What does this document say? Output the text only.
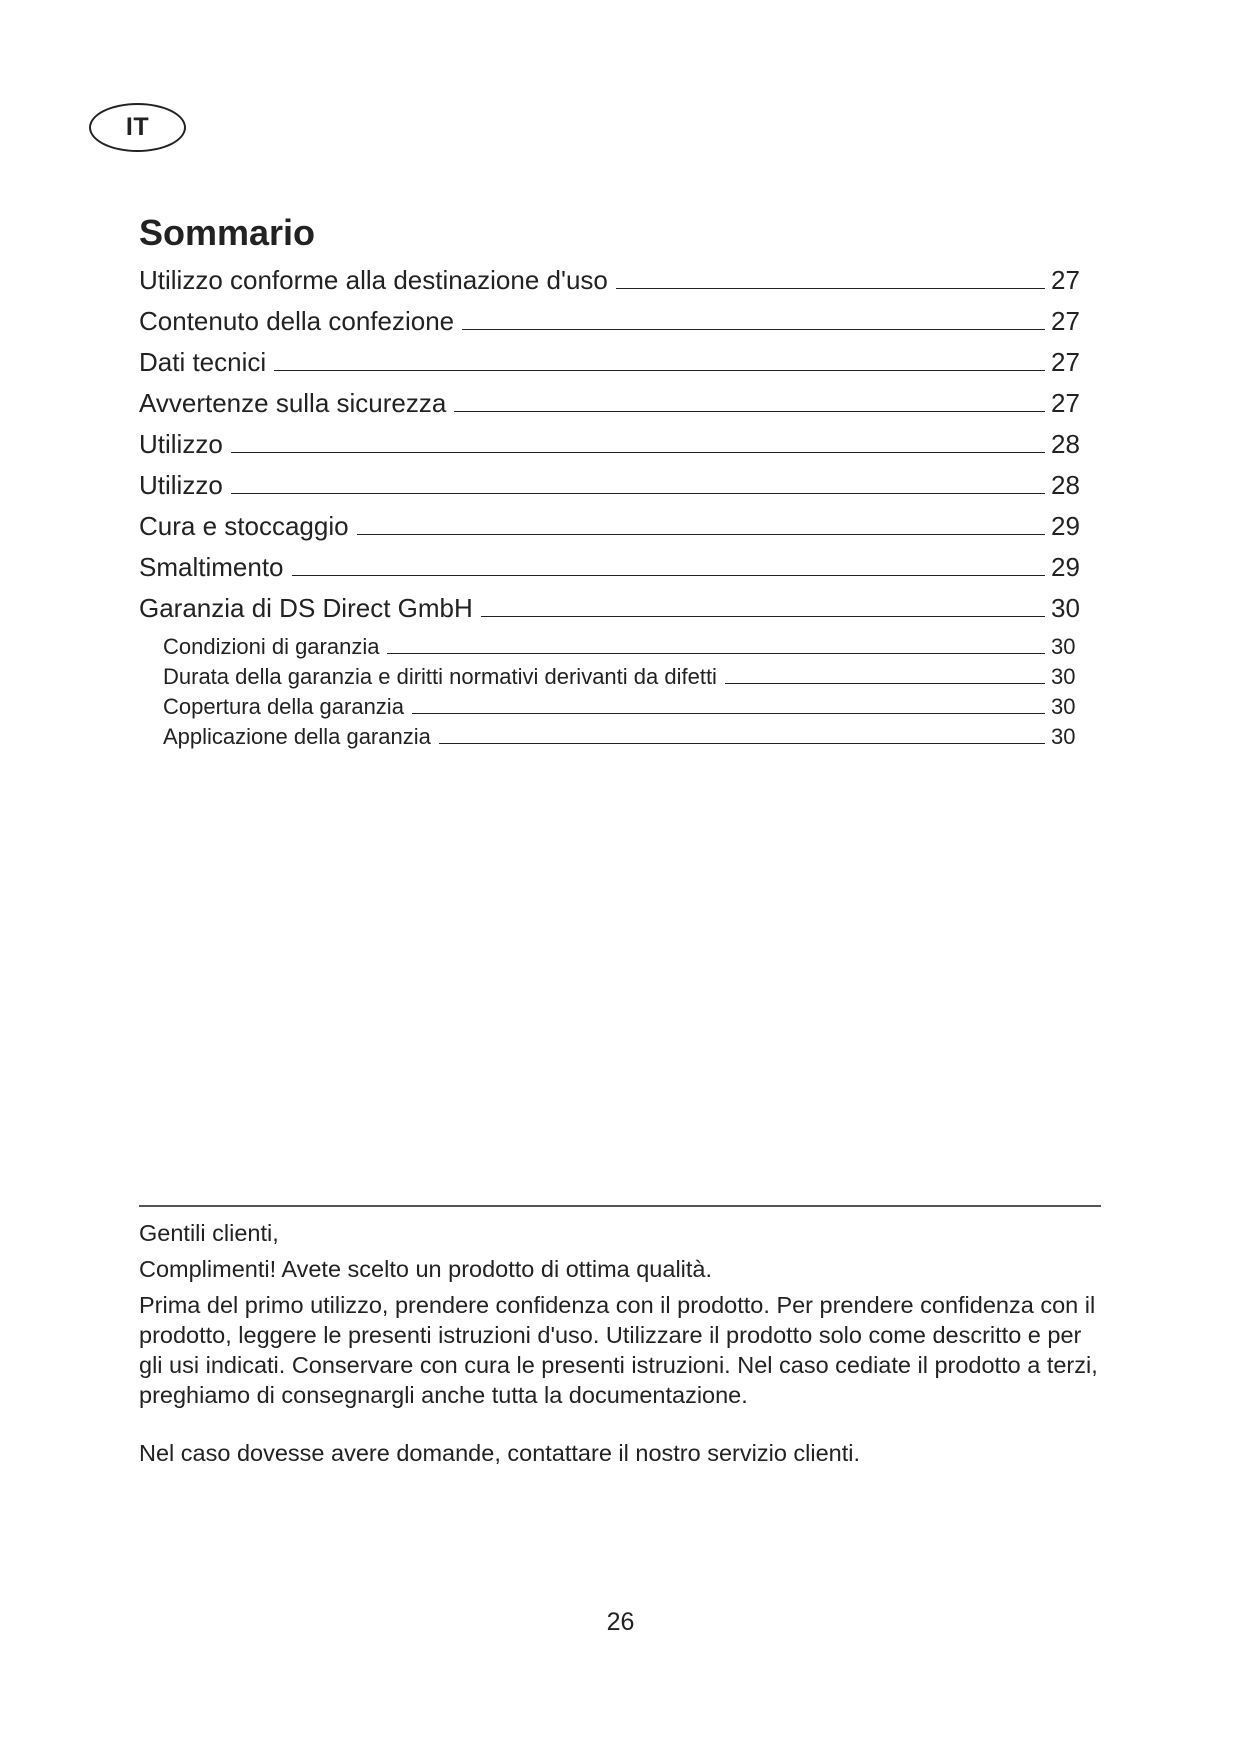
IT
Sommario
Utilizzo conforme alla destinazione d'uso	27
Contenuto della confezione	27
Dati tecnici	27
Avvertenze sulla sicurezza	27
Utilizzo	28
Utilizzo	28
Cura e stoccaggio	29
Smaltimento	29
Garanzia di DS Direct GmbH	30
Condizioni di garanzia	30
Durata della garanzia e diritti normativi derivanti da difetti	30
Copertura della garanzia	30
Applicazione della garanzia	30

Gentili clienti,

Complimenti! Avete scelto un prodotto di ottima qualità.

Prima del primo utilizzo, prendere confidenza con il prodotto. Per prendere confidenza con il prodotto, leggere le presenti istruzioni d'uso. Utilizzare il prodotto solo come descritto e per gli usi indicati. Conservare con cura le presenti istruzioni. Nel caso cediate il prodotto a terzi, preghiamo di consegnargli anche tutta la documentazione.

Nel caso dovesse avere domande, contattare il nostro servizio clienti.

26
